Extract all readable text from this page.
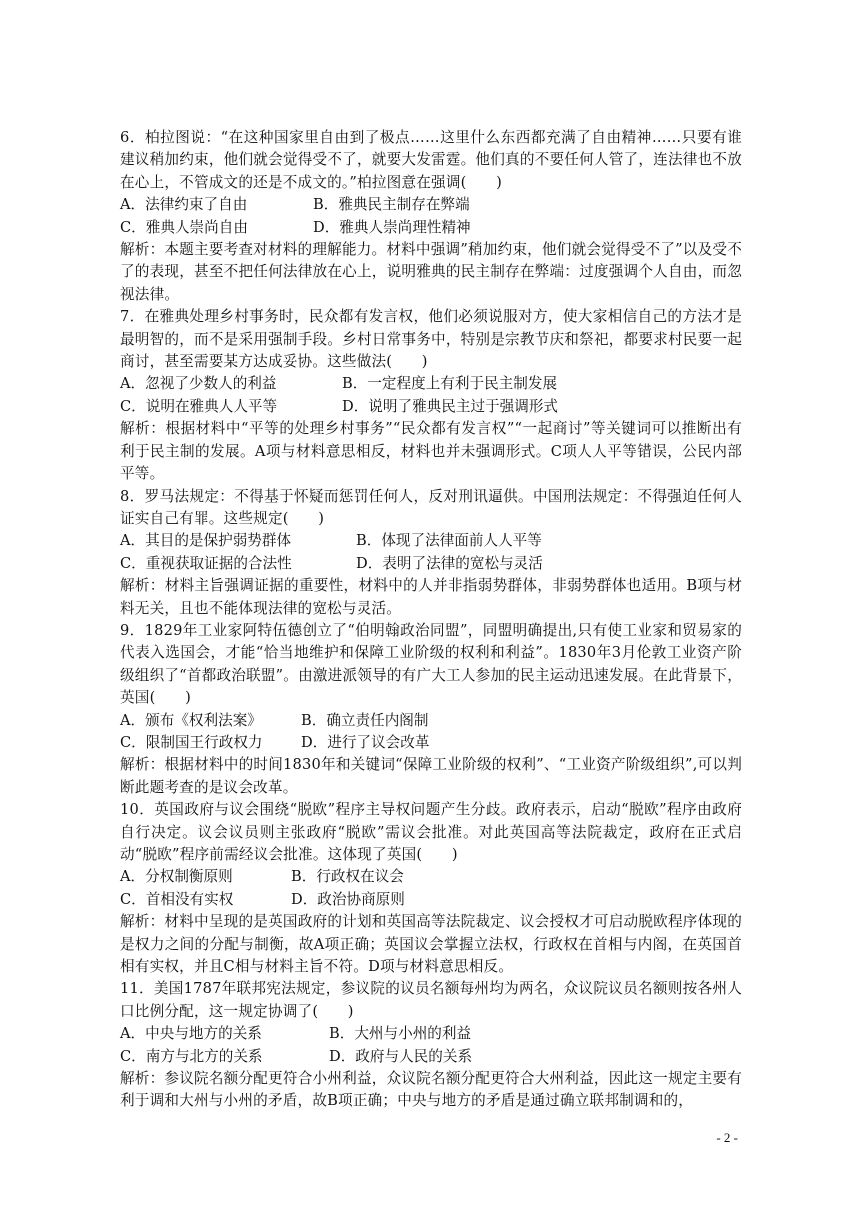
6．柏拉图说：“在这种国家里自由到了极点……这里什么东西都充满了自由精神……只要有谁建议稍加约束，他们就会觉得受不了，就要大发雷霆。他们真的不要任何人管了，连法律也不放在心上，不管成文的还是不成文的。”柏拉图意在强调(　　)

A．法律约束了自由	B．雅典民主制存在弊端
C．雅典人崇尚自由	D．雅典人崇尚理性精神

解析：本题主要考查对材料的理解能力。材料中强调”稍加约束，他们就会觉得受不了”以及受不了的表现，甚至不把任何法律放在心上，说明雅典的民主制存在弊端：过度强调个人自由，而忽视法律。

7．在雅典处理乡村事务时，民众都有发言权，他们必须说服对方，使大家相信自己的方法才是最明智的，而不是采用强制手段。乡村日常事务中，特别是宗教节庆和祭祀，都要求村民要一起商讨，甚至需要某方达成妥协。这些做法(　　)

A．忽视了少数人的利益	B．一定程度上有利于民主制发展
C．说明在雅典人人平等	D．说明了雅典民主过于强调形式

解析：根据材料中“平等的处理乡村事务”“民众都有发言权”“一起商讨”等关键词可以推断出有利于民主制的发展。A项与材料意思相反，材料也并未强调形式。C项人人平等错误，公民内部平等。

8．罗马法规定：不得基于怀疑而惩罚任何人，反对刑讯逼供。中国刑法规定：不得强迫任何人证实自己有罪。这些规定(　　)

A．其目的是保护弱势群体	B．体现了法律面前人人平等
C．重视获取证据的合法性	D．表明了法律的宽松与灵活

解析：材料主旨强调证据的重要性，材料中的人并非指弱势群体，非弱势群体也适用。B项与材料无关，且也不能体现法律的宽松与灵活。

9．1829年工业家阿特伍德创立了“伯明翰政治同盟”，同盟明确提出,只有使工业家和贸易家的代表入选国会，才能“恰当地维护和保障工业阶级的权利和利益”。1830年3月伦敦工业资产阶级组织了“首都政治联盟”。由激进派领导的有广大工人参加的民主运动迅速发展。在此背景下，英国(　　)

A．颁布《权利法案》	B．确立责任内阁制
C．限制国王行政权力	D．进行了议会改革

解析：根据材料中的时间1830年和关键词“保障工业阶级的权利”、“工业资产阶级组织”,可以判断此题考查的是议会改革。

10．英国政府与议会围绕“脱欧”程序主导权问题产生分歧。政府表示，启动“脱欧”程序由政府自行决定。议会议员则主张政府“脱欧”需议会批准。对此英国高等法院裁定，政府在正式启动“脱欧”程序前需经议会批准。这体现了英国(　　)

A．分权制衡原则	B．行政权在议会
C．首相没有实权	D．政治协商原则

解析：材料中呈现的是英国政府的计划和英国高等法院裁定、议会授权才可启动脱欧程序体现的是权力之间的分配与制衡，故A项正确；英国议会掌握立法权，行政权在首相与内阁，在英国首相有实权，并且C相与材料主旨不符。D项与材料意思相反。

11．美国1787年联邦宪法规定，参议院的议员名额每州均为两名，众议院议员名额则按各州人口比例分配，这一规定协调了(　　)

A．中央与地方的关系	B．大州与小州的利益
C．南方与北方的关系	D．政府与人民的关系

解析：参议院名额分配更符合小州利益，众议院名额分配更符合大州利益，因此这一规定主要有利于调和大州与小州的矛盾，故B项正确；中央与地方的矛盾是通过确立联邦制调和的，

- 2 -
